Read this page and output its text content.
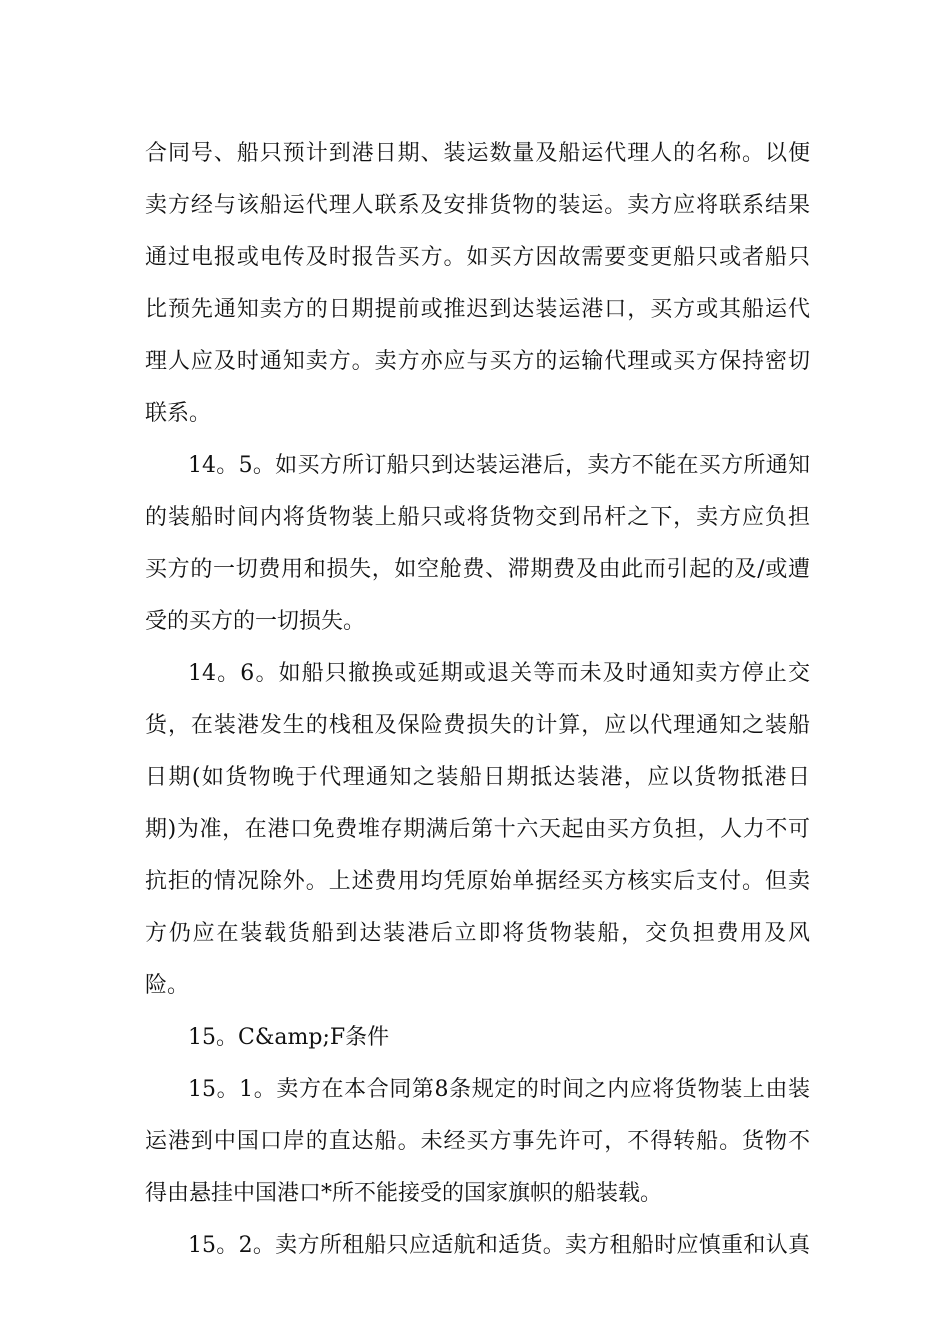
合同号、船只预计到港日期、装运数量及船运代理人的名称。以便
卖方经与该船运代理人联系及安排货物的装运。卖方应将联系结果
通过电报或电传及时报告买方。如买方因故需要变更船只或者船只
比预先通知卖方的日期提前或推迟到达装运港口，买方或其船运代
理人应及时通知卖方。卖方亦应与买方的运输代理或买方保持密切
联系。
14。5。如买方所订船只到达装运港后，卖方不能在买方所通知
的装船时间内将货物装上船只或将货物交到吊杆之下，卖方应负担
买方的一切费用和损失，如空舱费、滞期费及由此而引起的及/或遭
受的买方的一切损失。
14。6。如船只撤换或延期或退关等而未及时通知卖方停止交
货，在装港发生的栈租及保险费损失的计算，应以代理通知之装船
日期(如货物晚于代理通知之装船日期抵达装港，应以货物抵港日
期)为准，在港口免费堆存期满后第十六天起由买方负担，人力不可
抗拒的情况除外。上述费用均凭原始单据经买方核实后支付。但卖
方仍应在装载货船到达装港后立即将货物装船，交负担费用及风
险。
15。C&amp;F条件
15。1。卖方在本合同第8条规定的时间之内应将货物装上由装
运港到中国口岸的直达船。未经买方事先许可，不得转船。货物不
得由悬挂中国港口*所不能接受的国家旗帜的船装载。
15。2。卖方所租船只应适航和适货。卖方租船时应慎重和认真
